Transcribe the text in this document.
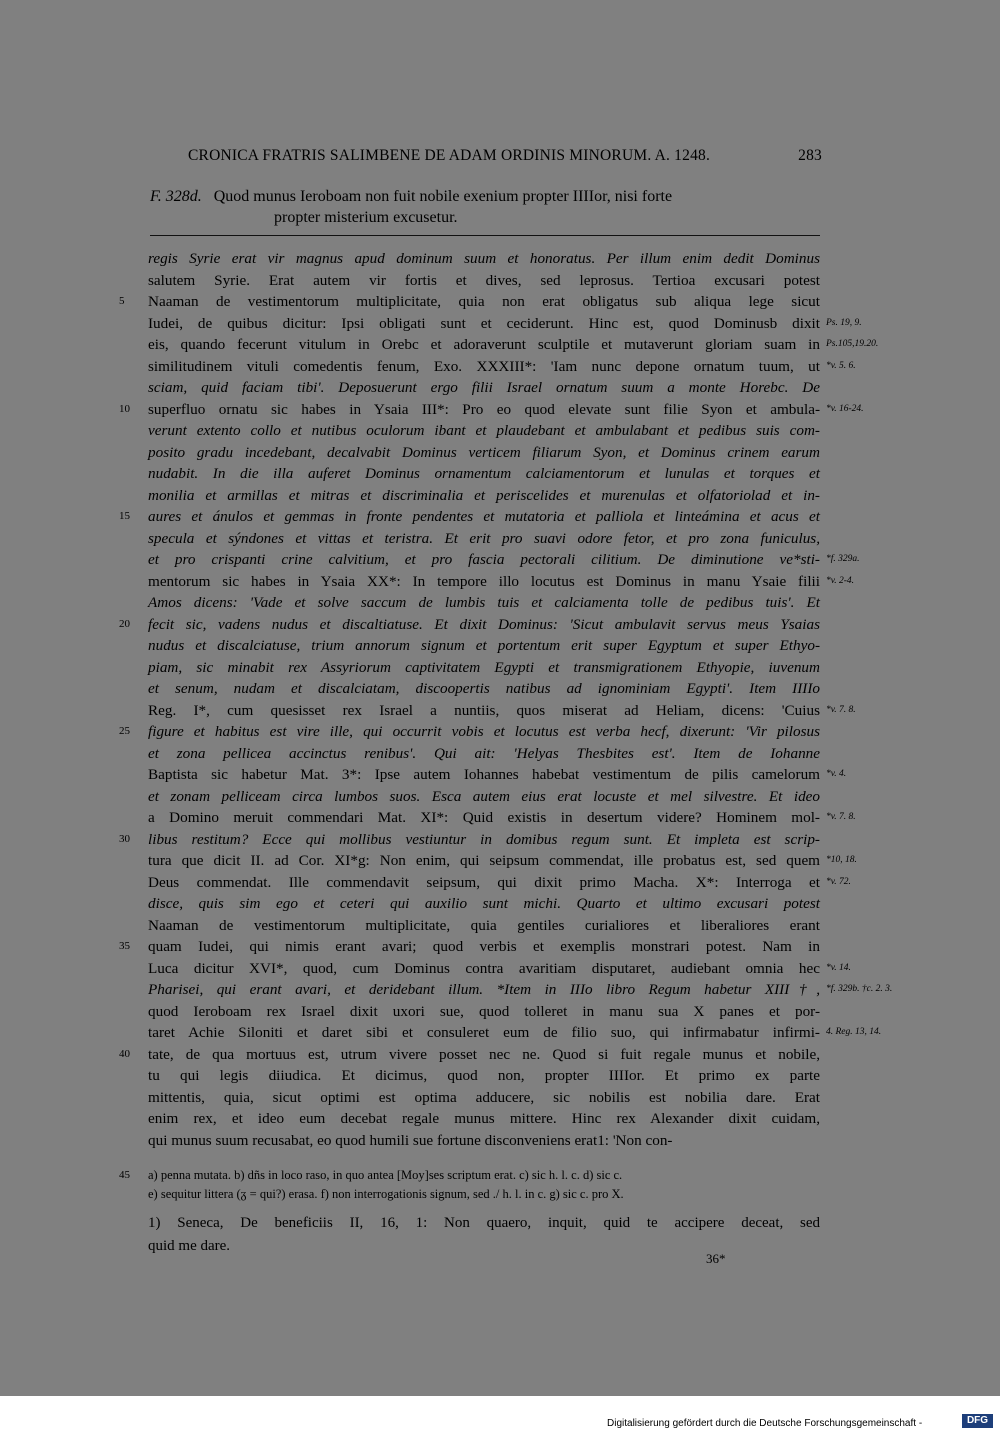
CRONICA FRATRIS SALIMBENE DE ADAM ORDINIS MINORUM. A. 1248.	283
F. 328d. Quod munus Ieroboam non fuit nobile exenium propter IIIIor, nisi forte
propter misterium excusetur.
regis Syrie erat vir magnus apud dominum suum et honoratus. Per illum enim dedit Dominus
salutem Syrie. Erat autem vir fortis et dives, sed leprosus. Tertioa excusari potest
5 Naaman de vestimentorum multiplicitate, quia non erat obligatus sub aliqua lege sicut
Iudei, de quibus dicitur: Ipsi obligati sunt et ceciderunt. Hinc est, quod Dominusb dixit Ps. 19, 9.
eis, quando fecerunt vitulum in Orebc et adoraverunt sculptile et mutaverunt gloriam suam in Ps.105,19.20.
similitudinem vituli comedentis fenum, Exo. XXXIII*: 'Iam nunc depone ornatum tuum, ut *v. 5. 6.
sciam, quid faciam tibi'. Deposuerunt ergo filii Israel ornatum suum a monte Horebc. De
10 superfluo ornatu sic habes in Ysaia III*: Pro eo quod elevate sunt filie Syon et ambula- *v. 16-24.
verunt extento collo et nutibus oculorum ibant et plaudebant et ambulabant et pedibus suis com-
posito gradu incedebant, decalvabit Dominus verticem filiarum Syon, et Dominus crinem earum
nudabit. In die illa auferet Dominus ornamentum calciamentorum et lunulas et torques et
monilia et armillas et mitras et discriminalia et periscelides et murenulas et olfatoriolad et in-
15 aures et ánulos et gemmas in fronte pendentes et mutatoria et palliola et linteámina et acus et
specula et sýndones et vittas et teristra. Et erit pro suavi odore fetor, et pro zona funiculus,
et pro crispanti crine calvitium, et pro fascia pectorali cilitium. De diminutione ve*sti- *f. 329a.
mentorum sic habes in Ysaia XX*: In tempore illo locutus est Dominus in manu Ysaie filii *v. 2-4.
Amos dicens: 'Vade et solve saccum de lumbis tuis et calciamenta tolle de pedibus tuis'. Et
20 fecit sic, vadens nudus et discaltiatuse. Et dixit Dominus: 'Sicut ambulavit servus meus Ysaias
nudus et discalciatuse, trium annorum signum et portentum erit super Egyptum et super Ethyo-
piam, sic minabit rex Assyriorum captivitatem Egypti et transmigrationem Ethyopie, iuvenum
et senum, nudam et discalciatam, discoopertis natibus ad ignominiam Egypti'. Item IIIIo
Reg. I*, cum quesisset rex Israel a nuntiis, quos miserat ad Heliam, dicens: 'Cuius *v. 7. 8.
25 figure et habitus est vire ille, qui occurrit vobis et locutus est verba hecf, dixerunt: 'Vir pilosus
et zona pellicea accinctus renibus'. Qui ait: 'Helyas Thesbites est'. Item de Iohanne
Baptista sic habetur Mat. 3*: Ipse autem Iohannes habebat vestimentum de pilis camelorum *v. 4.
et zonam pelliceam circa lumbos suos. Esca autem eius erat locuste et mel silvestre. Et ideo
a Domino meruit commendari Mat. XI*: Quid existis in desertum videre? Hominem mol- *v. 7. 8.
30 libus restitum? Ecce qui mollibus vestiuntur in domibus regum sunt. Et impleta est scrip-
tura que dicit II. ad Cor. XI*g: Non enim, qui seipsum commendat, ille probatus est, sed quem *10, 18.
Deus commendat. Ille commendavit seipsum, qui dixit primo Macha. X*: Interroga et *v. 72.
disce, quis sim ego et ceteri qui auxilio sunt michi. Quarto et ultimo excusari potest
Naaman de vestimentorum multiplicitate, quia gentiles curialiores et liberaliores erant
35 quam Iudei, qui nimis erant avari; quod verbis et exemplis monstrari potest. Nam in
Luca dicitur XVI*, quod, cum Dominus contra avaritiam disputaret, audiebant omnia hec *v. 14.
Pharisei, qui erant avari, et deridebant illum. *Item in IIIo libro Regum habetur XIII†, *f. 329b. †c. 2. 3.
quod Ieroboam rex Israel dixit uxori sue, quod tolleret in manu sua X panes et por-
taret Achie Siloniti et daret sibi et consuleret eum de filio suo, qui infirmabatur infirmi- 4. Reg. 13, 14.
40 tate, de qua mortuus est, utrum vivere posset nec ne. Quod si fuit regale munus et nobile,
tu qui legis diiudica. Et dicimus, quod non, propter IIIIor. Et primo ex parte
mittentis, quia, sicut optimi est optima adducere, sic nobilis est nobilia dare. Erat
enim rex, et ideo eum decebat regale munus mittere. Hinc rex Alexander dixit cuidam,
qui munus suum recusabat, eo quod humili sue fortune disconveniens erat1: 'Non con-
45 a) penna mutata. b) dñs in loco raso, in quo antea [Moy]ses scriptum erat. c) sic h. l. c. d) sic c.
e) sequitur littera (ᵹ = qui?) erasa. f) non interrogationis signum, sed ./ h. l. in c. g) sic c. pro X.
1) Seneca, De beneficiis II, 16, 1: Non quaero, inquit, quid te accipere deceat, sed
quid me dare.
36*
Digitalisierung gefördert durch die Deutsche Forschungsgemeinschaft -	DFG
